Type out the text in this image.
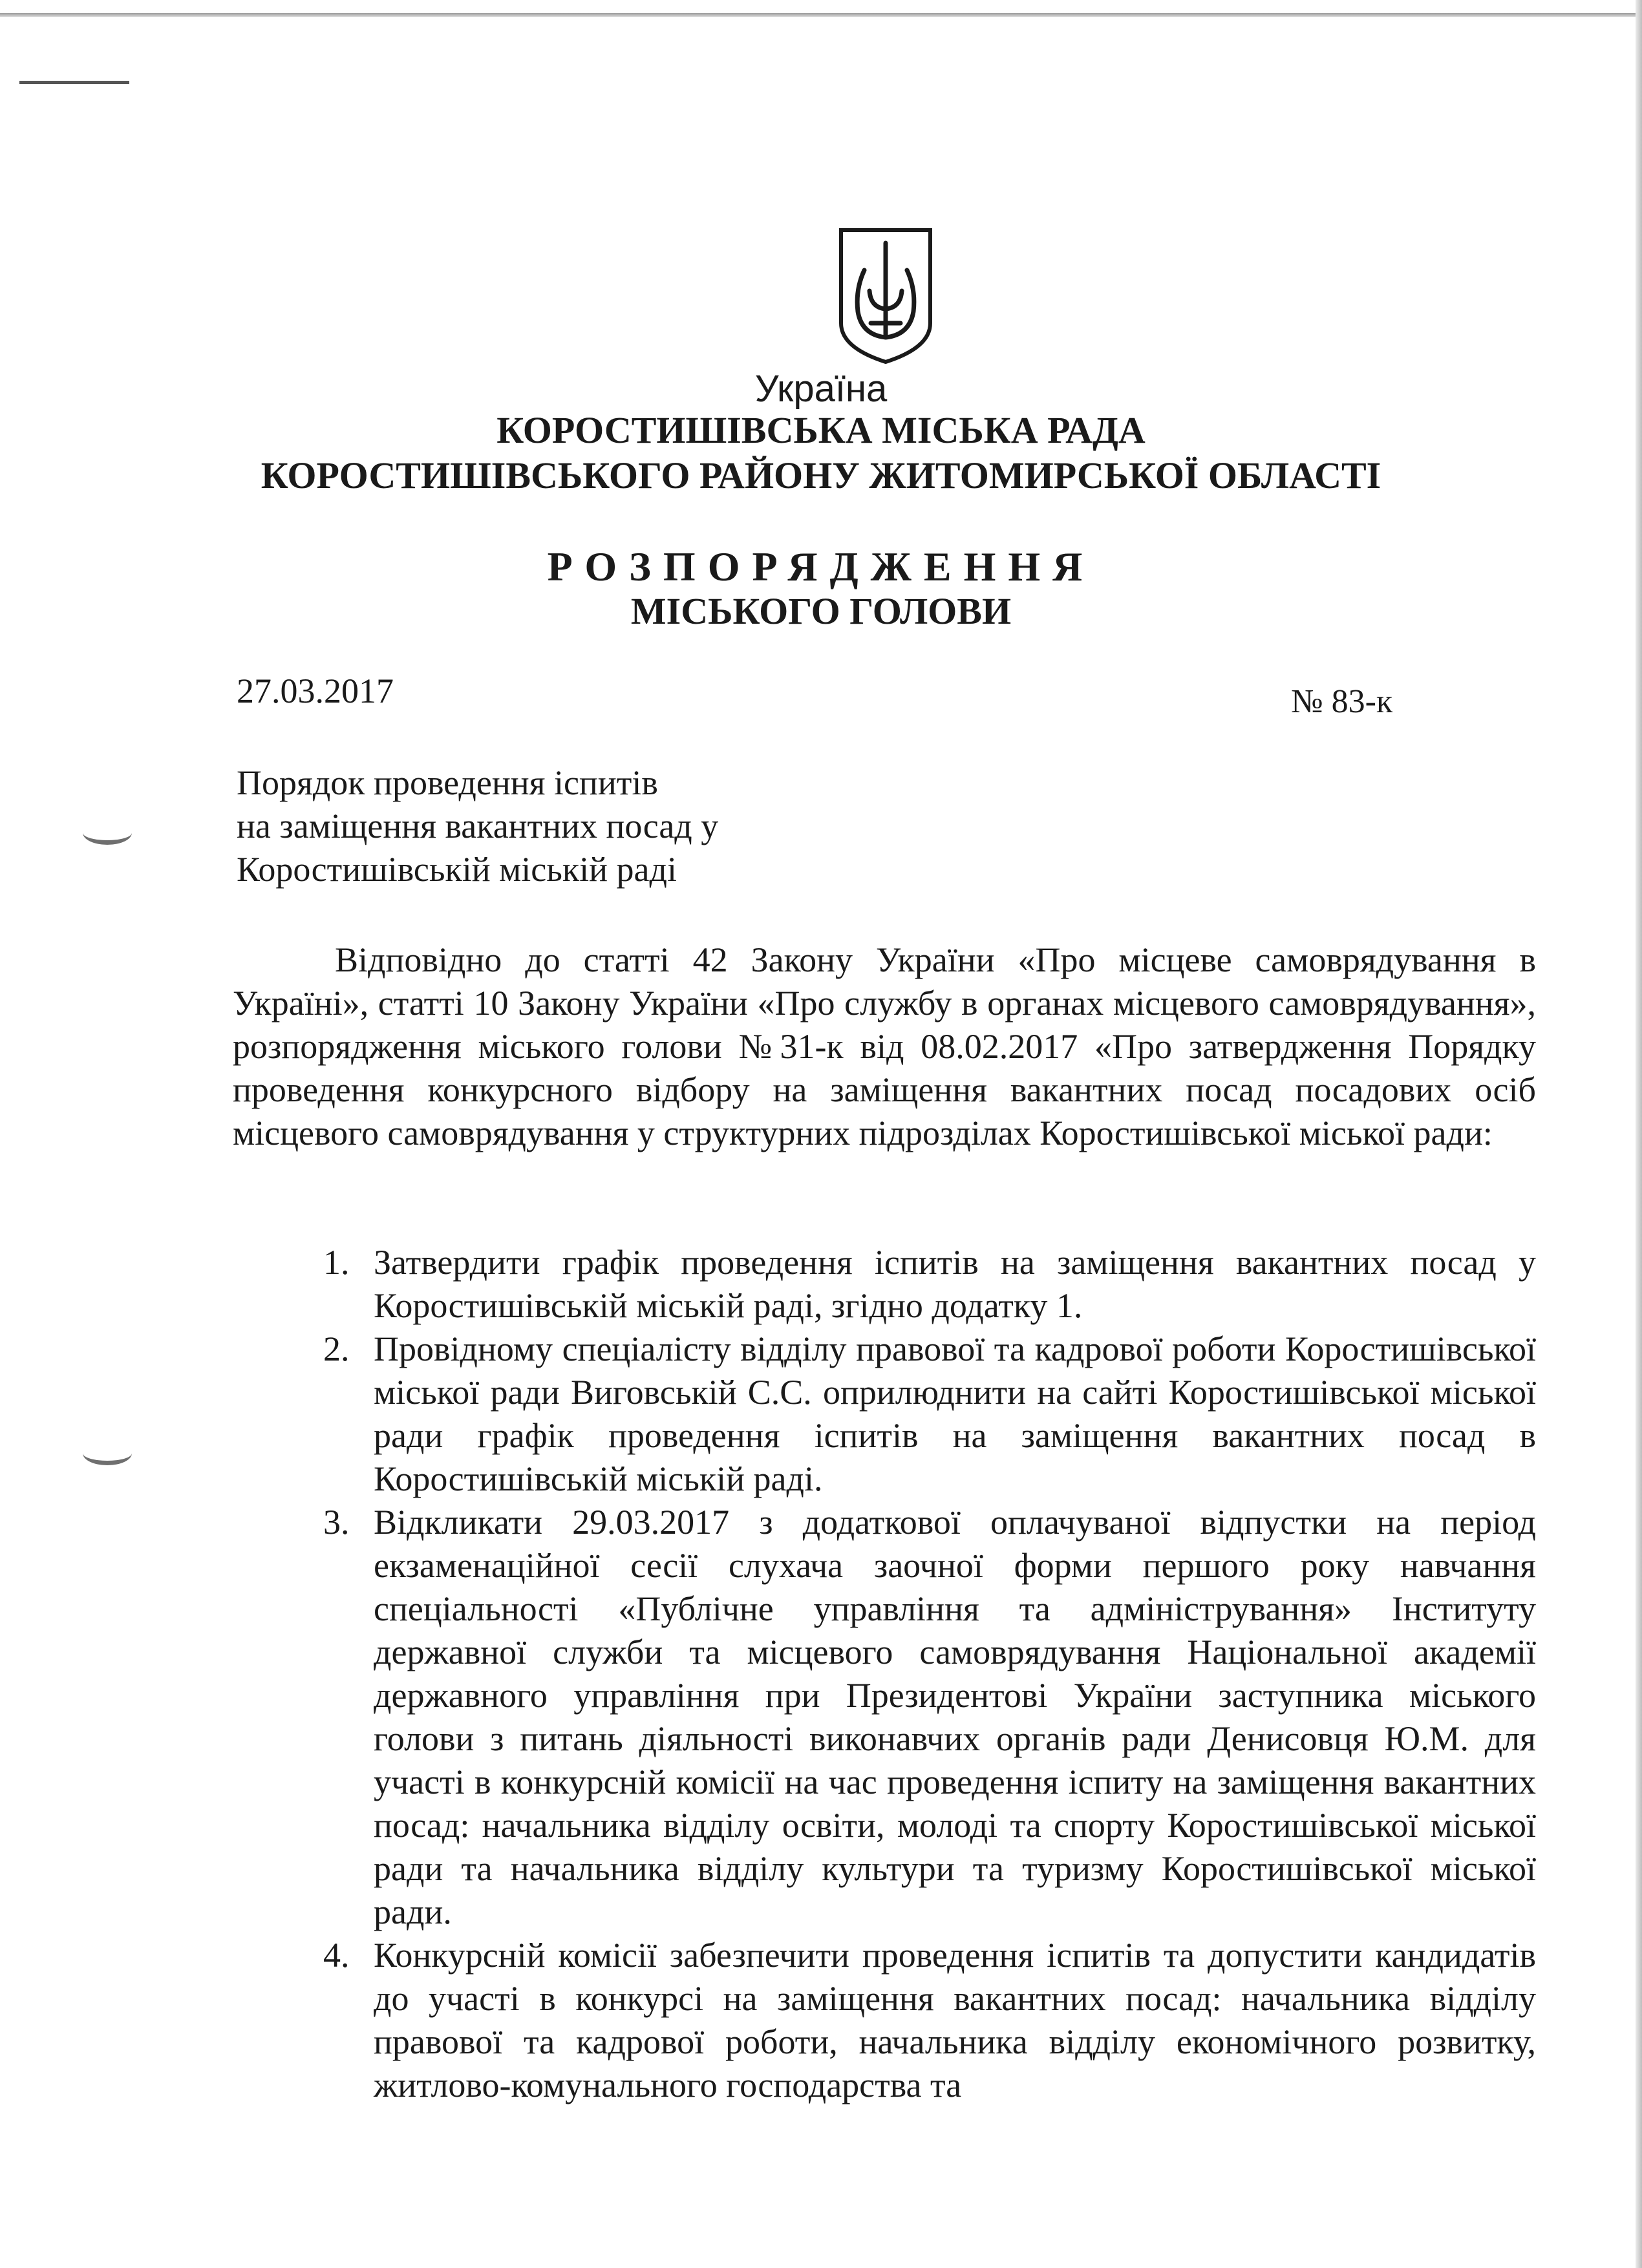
Україна
КОРОСТИШІВСЬКА МІСЬКА РАДА
КОРОСТИШІВСЬКОГО РАЙОНУ ЖИТОМИРСЬКОЇ ОБЛАСТІ
РОЗПОРЯДЖЕННЯ
МІСЬКОГО ГОЛОВИ
27.03.2017	№ 83-к
Порядок проведення іспитів
на заміщення вакантних посад у
Коростишівській міській раді
Відповідно до статті 42 Закону України «Про місцеве самоврядування в Україні», статті 10 Закону України «Про службу в органах місцевого самоврядування», розпорядження міського голови №31-к від 08.02.2017 «Про затвердження Порядку проведення конкурсного відбору на заміщення вакантних посад посадових осіб місцевого самоврядування у структурних підрозділах Коростишівської міської ради:
1. Затвердити графік проведення іспитів на заміщення вакантних посад у Коростишівській міській раді, згідно додатку 1.
2. Провідному спеціалісту відділу правової та кадрової роботи Коростишівської міської ради Виговській С.С. оприлюднити на сайті Коростишівської міської ради графік проведення іспитів на заміщення вакантних посад в Коростишівській міській раді.
3. Відкликати 29.03.2017 з додаткової оплачуваної відпустки на період екзаменаційної сесії слухача заочної форми першого року навчання спеціальності «Публічне управління та адміністрування» Інституту державної служби та місцевого самоврядування Національної академії державного управління при Президентові України заступника міського голови з питань діяльності виконавчих органів ради Денисовця Ю.М. для участі в конкурсній комісії на час проведення іспиту на заміщення вакантних посад: начальника відділу освіти, молоді та спорту Коростишівської міської ради та начальника відділу культури та туризму Коростишівської міської ради.
4. Конкурсній комісії забезпечити проведення іспитів та допустити кандидатів до участі в конкурсі на заміщення вакантних посад: начальника відділу правової та кадрової роботи, начальника відділу економічного розвитку, житлово-комунального господарства та
